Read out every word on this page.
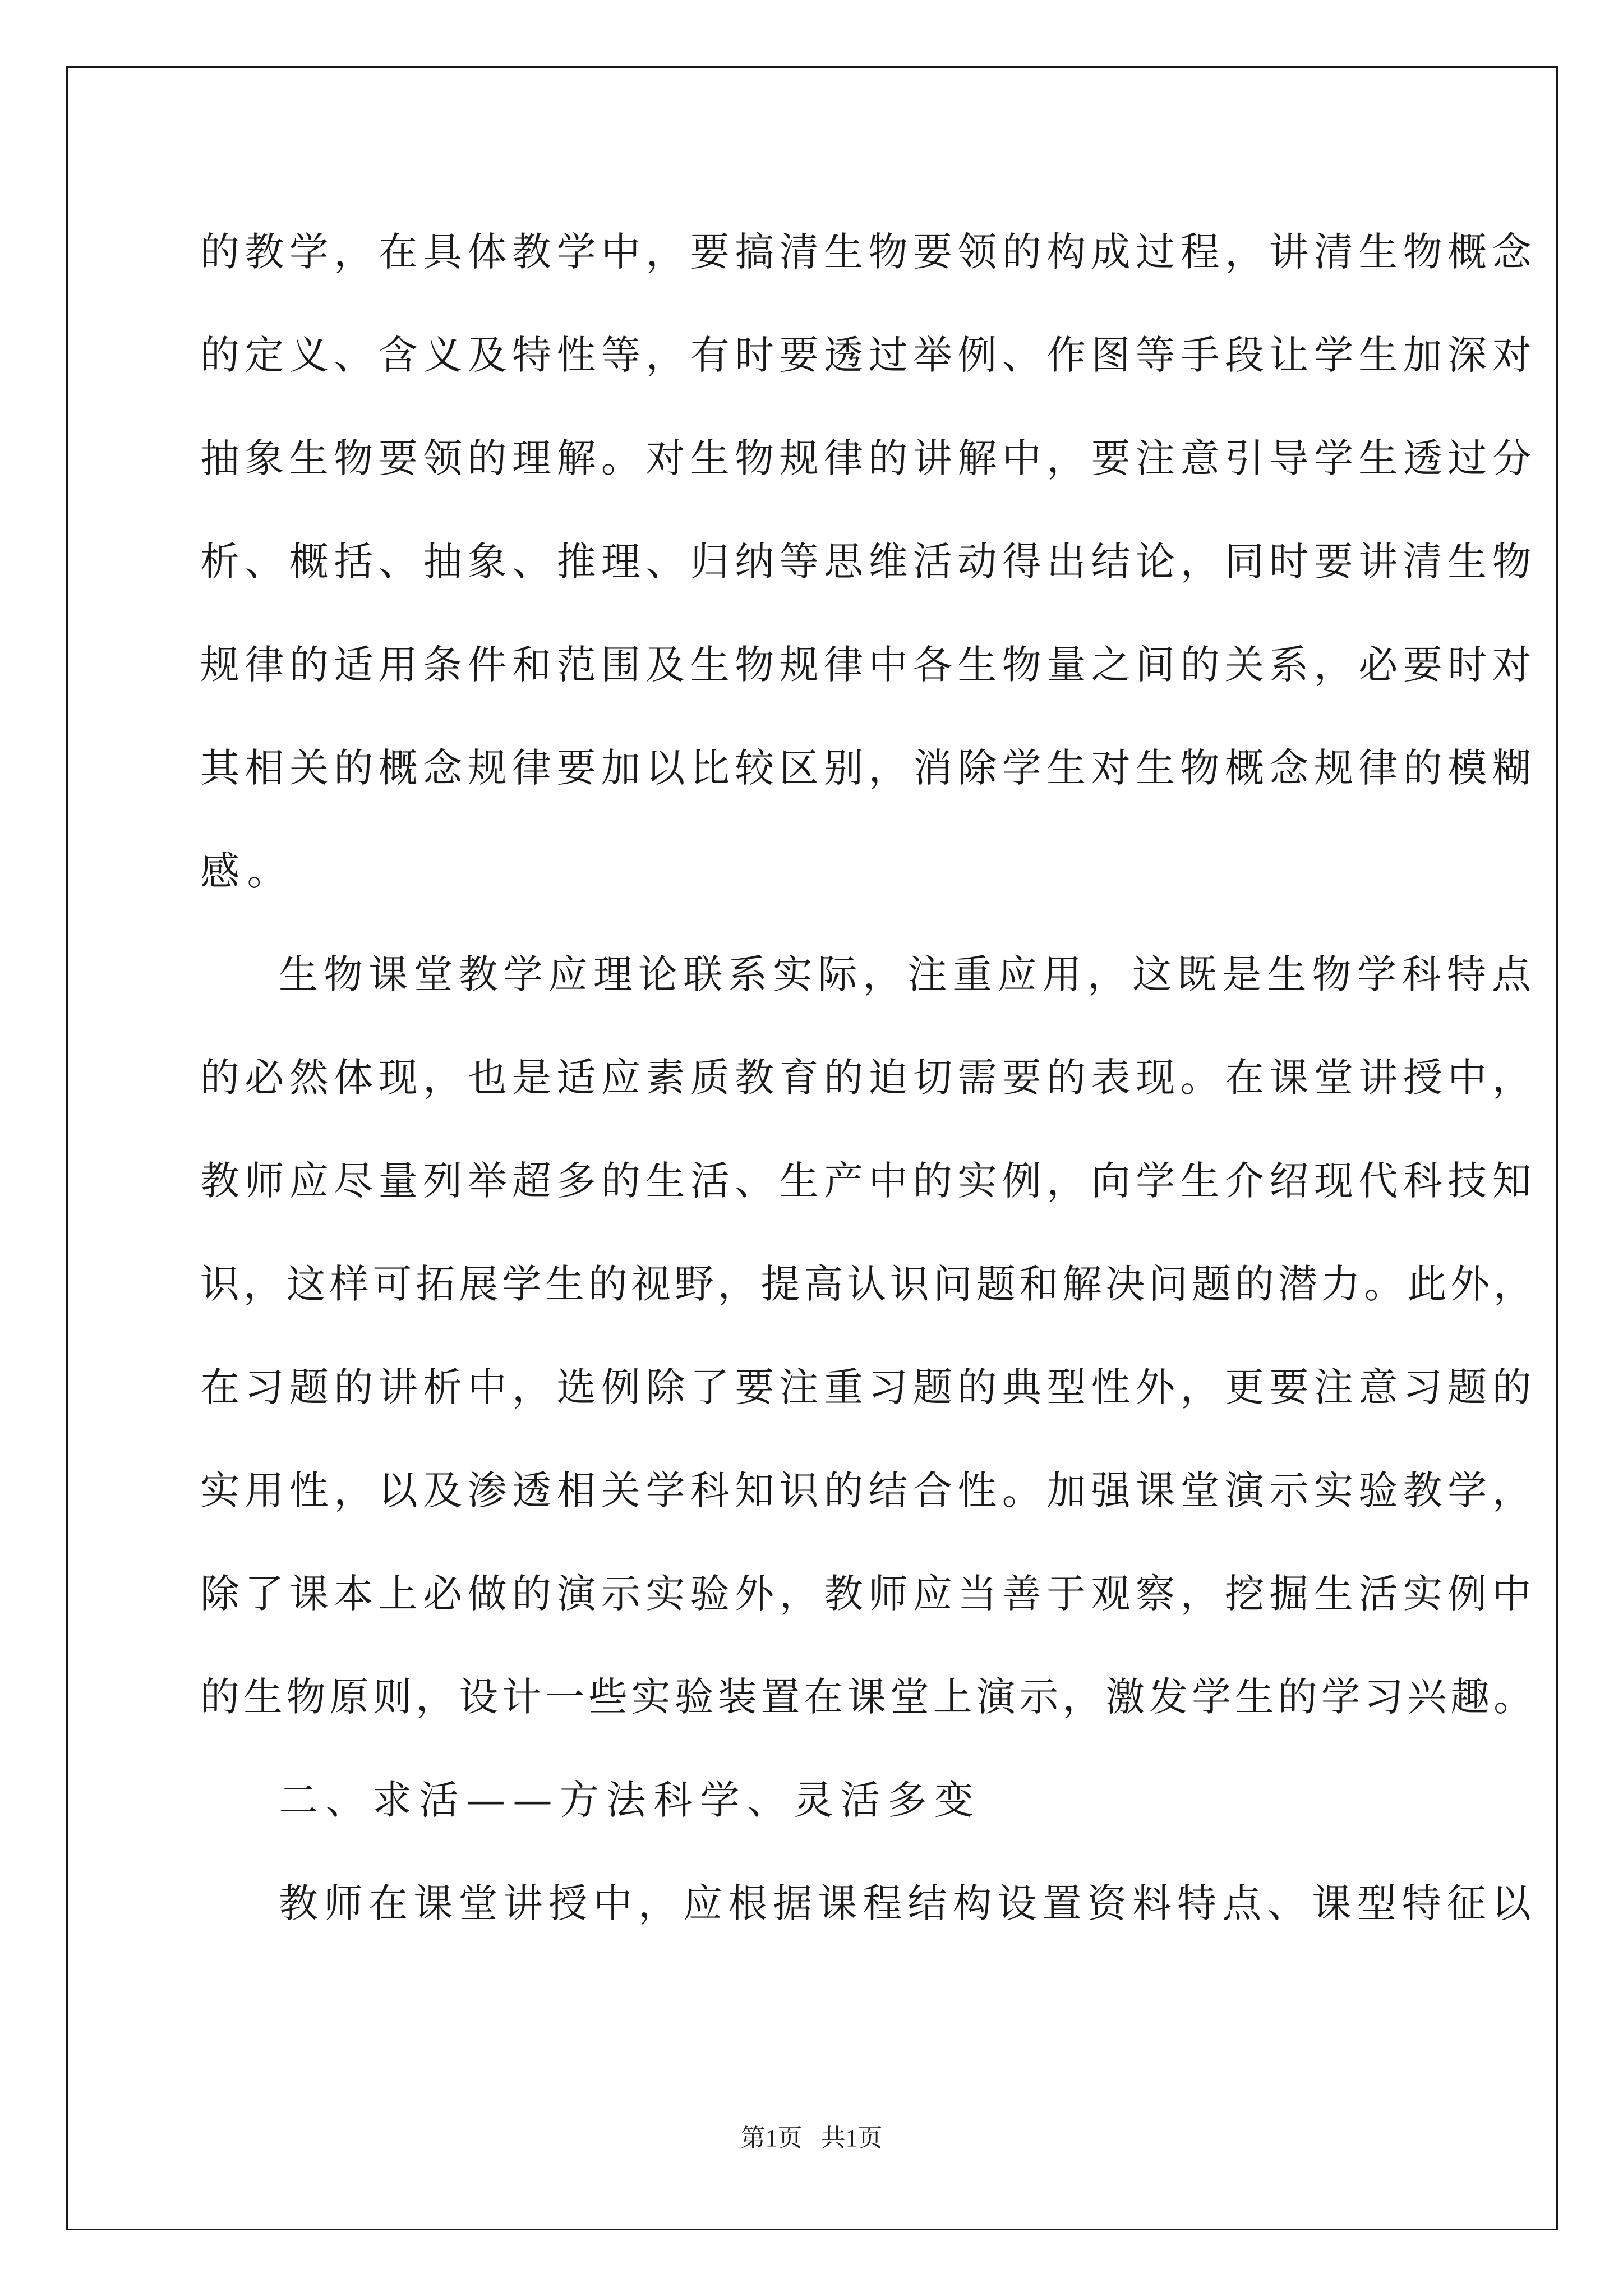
的教学，在具体教学中，要搞清生物要领的构成过程，讲清生物概念

的定义、含义及特性等，有时要透过举例、作图等手段让学生加深对

抽象生物要领的理解。对生物规律的讲解中，要注意引导学生透过分

析、概括、抽象、推理、归纳等思维活动得出结论，同时要讲清生物

规律的适用条件和范围及生物规律中各生物量之间的关系，必要时对

其相关的概念规律要加以比较区别，消除学生对生物概念规律的模糊

感。

生物课堂教学应理论联系实际，注重应用，这既是生物学科特点

的必然体现，也是适应素质教育的迫切需要的表现。在课堂讲授中，

教师应尽量列举超多的生活、生产中的实例，向学生介绍现代科技知

识，这样可拓展学生的视野，提高认识问题和解决问题的潜力。此外，

在习题的讲析中，选例除了要注重习题的典型性外，更要注意习题的

实用性，以及渗透相关学科知识的结合性。加强课堂演示实验教学，

除了课本上必做的演示实验外，教师应当善于观察，挖掘生活实例中

的生物原则，设计一些实验装置在课堂上演示，激发学生的学习兴趣。

二、求活——方法科学、灵活多变

教师在课堂讲授中，应根据课程结构设置资料特点、课型特征以

第1页   共1页
